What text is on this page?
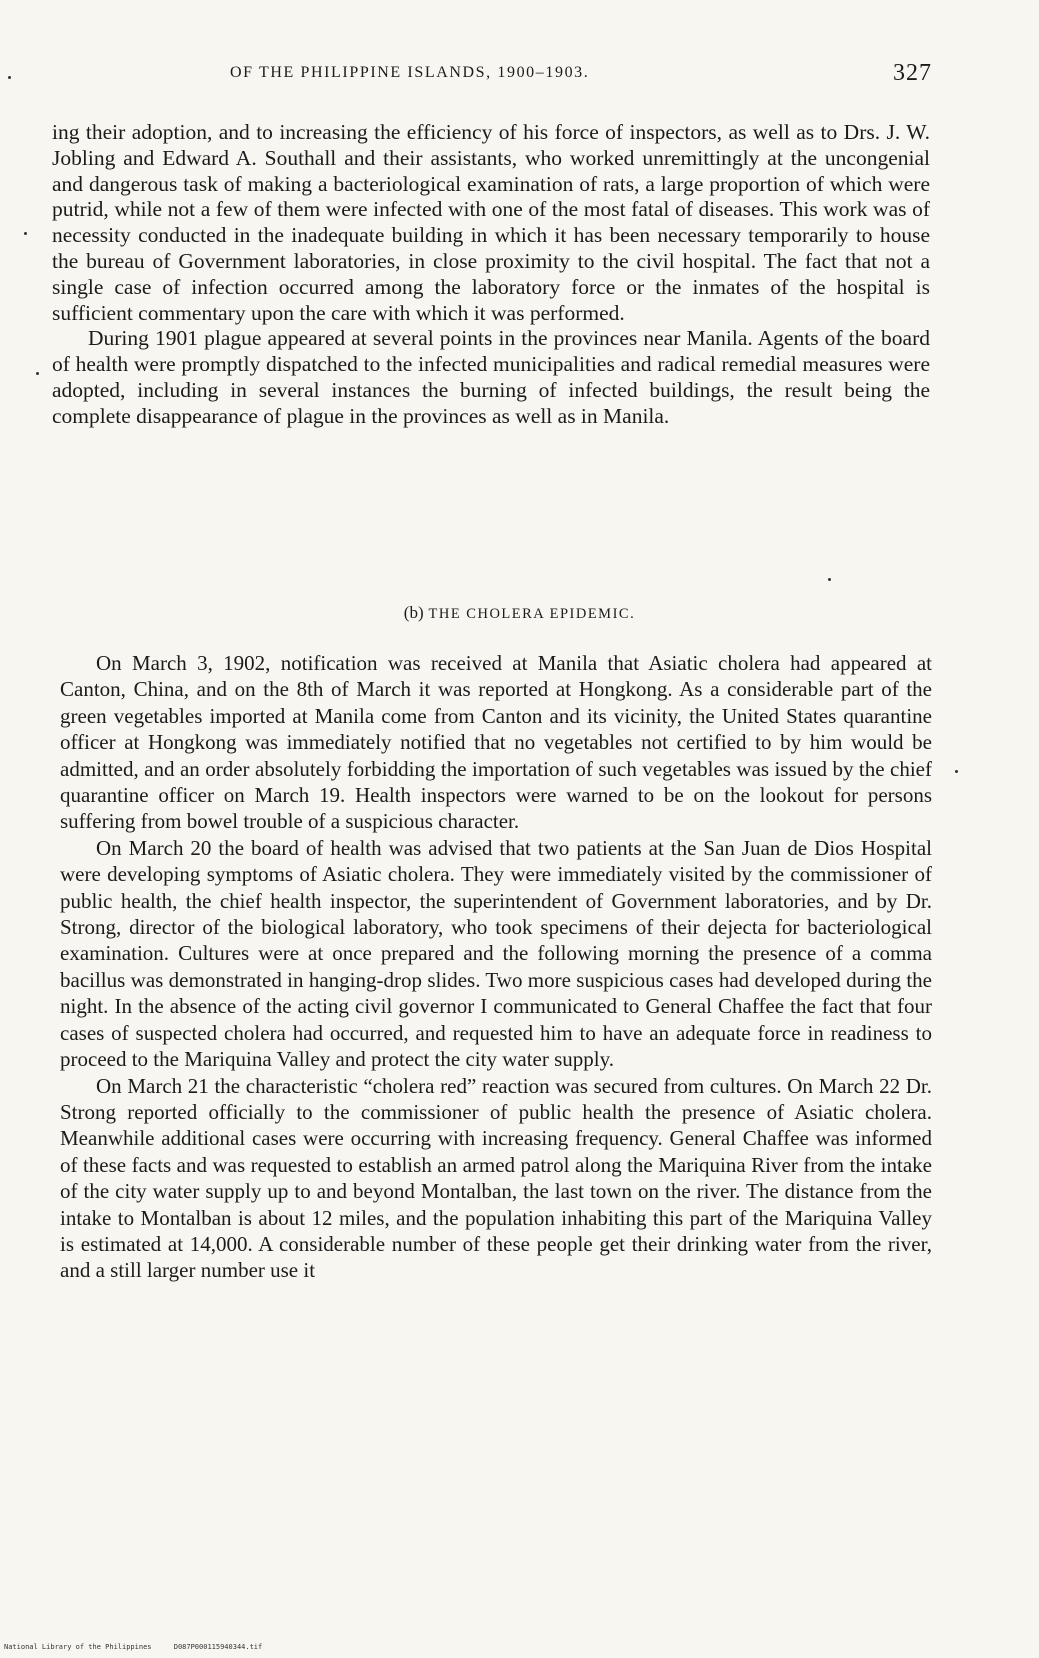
OF THE PHILIPPINE ISLANDS, 1900–1903.	327

ing their adoption, and to increasing the efficiency of his force of inspectors, as well as to Drs. J. W. Jobling and Edward A. Southall and their assistants, who worked unremittingly at the uncongenial and dangerous task of making a bacteriological examination of rats, a large proportion of which were putrid, while not a few of them were infected with one of the most fatal of diseases. This work was of necessity conducted in the inadequate building in which it has been necessary temporarily to house the bureau of Government laboratories, in close proximity to the civil hospital. The fact that not a single case of infection occurred among the laboratory force or the inmates of the hospital is sufficient commentary upon the care with which it was performed.

During 1901 plague appeared at several points in the provinces near Manila. Agents of the board of health were promptly dispatched to the infected municipalities and radical remedial measures were adopted, including in several instances the burning of infected buildings, the result being the complete disappearance of plague in the provinces as well as in Manila.

(b) THE CHOLERA EPIDEMIC.

On March 3, 1902, notification was received at Manila that Asiatic cholera had appeared at Canton, China, and on the 8th of March it was reported at Hongkong. As a considerable part of the green vegetables imported at Manila come from Canton and its vicinity, the United States quarantine officer at Hongkong was immediately notified that no vegetables not certified to by him would be admitted, and an order absolutely forbidding the importation of such vegetables was issued by the chief quarantine officer on March 19. Health inspectors were warned to be on the lookout for persons suffering from bowel trouble of a suspicious character.

On March 20 the board of health was advised that two patients at the San Juan de Dios Hospital were developing symptoms of Asiatic cholera. They were immediately visited by the commissioner of public health, the chief health inspector, the superintendent of Government laboratories, and by Dr. Strong, director of the biological laboratory, who took specimens of their dejecta for bacteriological examination. Cultures were at once prepared and the following morning the presence of a comma bacillus was demonstrated in hanging-drop slides. Two more suspicious cases had developed during the night. In the absence of the acting civil governor I communicated to General Chaffee the fact that four cases of suspected cholera had occurred, and requested him to have an adequate force in readiness to proceed to the Mariquina Valley and protect the city water supply.

On March 21 the characteristic “cholera red” reaction was secured from cultures. On March 22 Dr. Strong reported officially to the commissioner of public health the presence of Asiatic cholera. Meanwhile additional cases were occurring with increasing frequency. General Chaffee was informed of these facts and was requested to establish an armed patrol along the Mariquina River from the intake of the city water supply up to and beyond Montalban, the last town on the river. The distance from the intake to Montalban is about 12 miles, and the population inhabiting this part of the Mariquina Valley is estimated at 14,000. A considerable number of these people get their drinking water from the river, and a still larger number use it

National Library of the Philippines	D087P000115940344.tif
